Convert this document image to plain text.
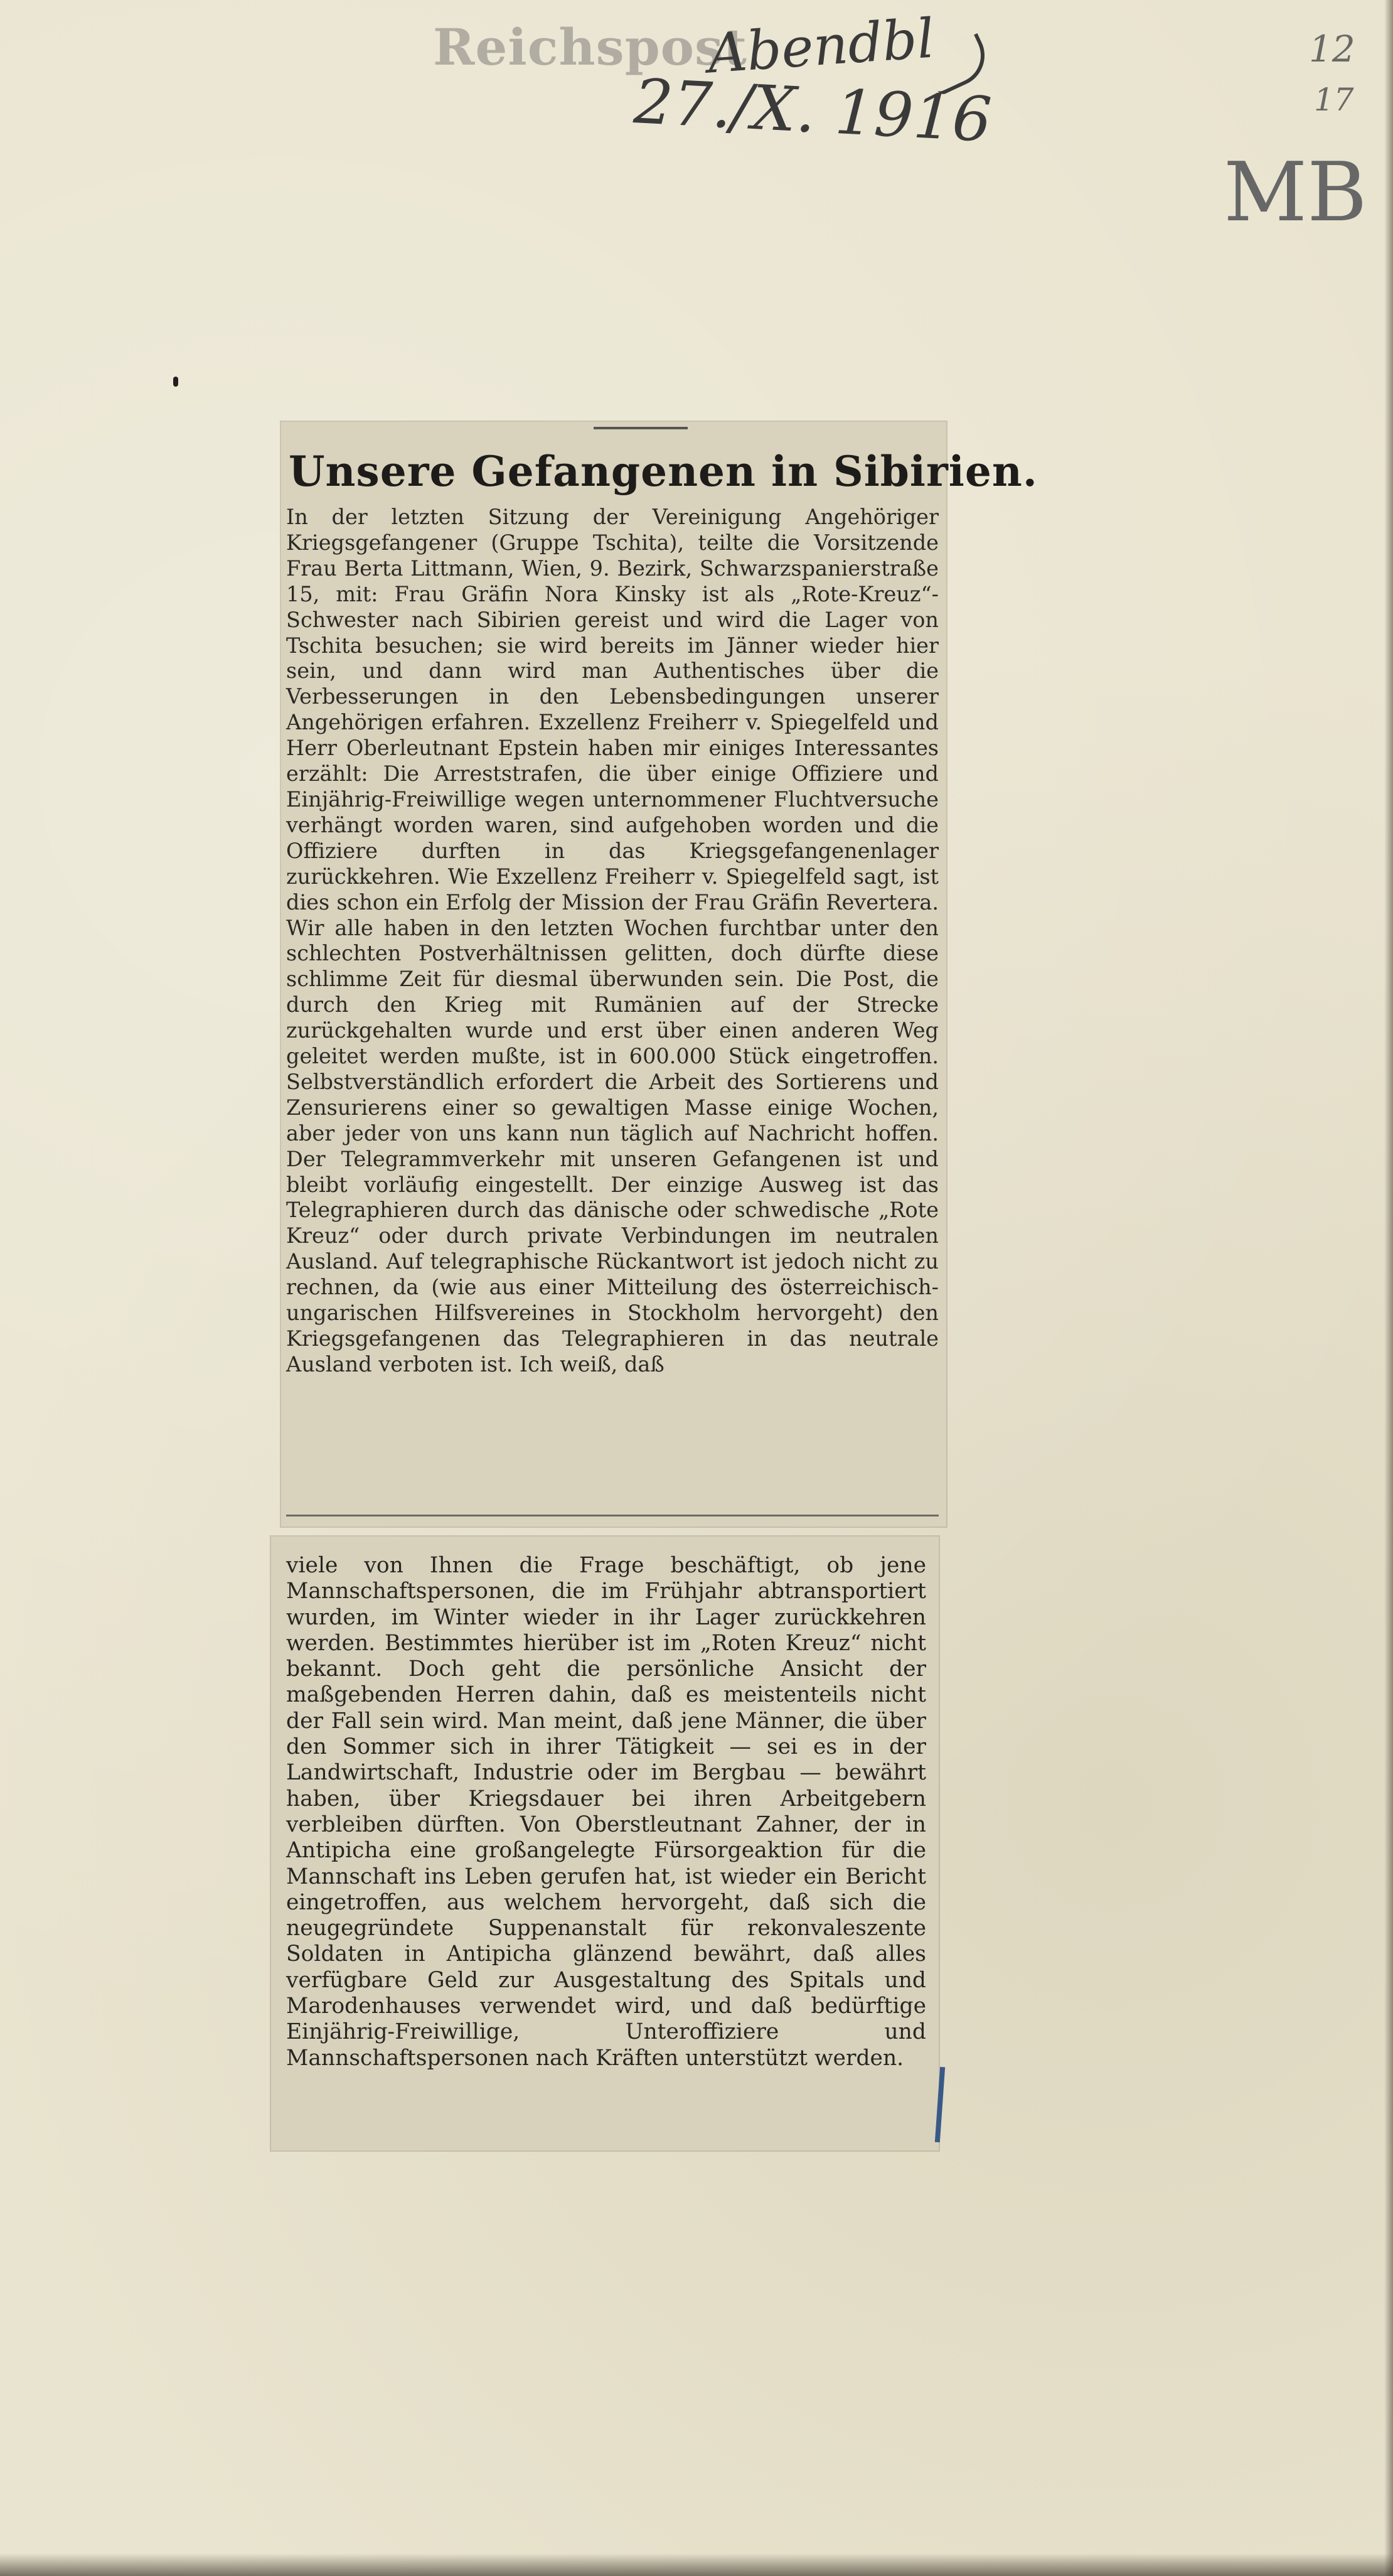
Reichspost
Abendbl
27./X. 1916
12
17
MB
Unsere Gefangenen in Sibirien.

In der letzten Sitzung der Vereinigung Angehöriger Kriegsgefangener (Gruppe Tschita), teilte die Vorsitzende Frau Berta Littmann, Wien, 9. Bezirk, Schwarzspanierstraße 15, mit: Frau Gräfin Nora Kinsky ist als „Rote-Kreuz“-Schwester nach Sibirien gereist und wird die Lager von Tschita besuchen; sie wird bereits im Jänner wieder hier sein, und dann wird man Authentisches über die Verbesserungen in den Lebensbedingungen unserer Angehörigen erfahren. Exzellenz Freiherr v. Spiegelfeld und Herr Oberleutnant Epstein haben mir einiges Interessantes erzählt: Die Arreststrafen, die über einige Offiziere und Einjährig-Freiwillige wegen unternommener Fluchtversuche verhängt worden waren, sind aufgehoben worden und die Offiziere durften in das Kriegsgefangenenlager zurückkehren. Wie Exzellenz Freiherr v. Spiegelfeld sagt, ist dies schon ein Erfolg der Mission der Frau Gräfin Revertera. Wir alle haben in den letzten Wochen furchtbar unter den schlechten Postverhältnissen gelitten, doch dürfte diese schlimme Zeit für diesmal überwunden sein. Die Post, die durch den Krieg mit Rumänien auf der Strecke zurückgehalten wurde und erst über einen anderen Weg geleitet werden mußte, ist in 600.000 Stück eingetroffen. Selbstverständlich erfordert die Arbeit des Sortierens und Zensurierens einer so gewaltigen Masse einige Wochen, aber jeder von uns kann nun täglich auf Nachricht hoffen. Der Telegrammverkehr mit unseren Gefangenen ist und bleibt vorläufig eingestellt. Der einzige Ausweg ist das Telegraphieren durch das dänische oder schwedische „Rote Kreuz“ oder durch private Verbindungen im neutralen Ausland. Auf telegraphische Rückantwort ist jedoch nicht zu rechnen, da (wie aus einer Mitteilung des österreichisch-ungarischen Hilfsvereines in Stockholm hervorgeht) den Kriegsgefangenen das Telegraphieren in das neutrale Ausland verboten ist. Ich weiß, daß

viele von Ihnen die Frage beschäftigt, ob jene Mannschaftspersonen, die im Frühjahr abtransportiert wurden, im Winter wieder in ihr Lager zurückkehren werden. Bestimmtes hierüber ist im „Roten Kreuz“ nicht bekannt. Doch geht die persönliche Ansicht der maßgebenden Herren dahin, daß es meistenteils nicht der Fall sein wird. Man meint, daß jene Männer, die über den Sommer sich in ihrer Tätigkeit — sei es in der Landwirtschaft, Industrie oder im Bergbau — bewährt haben, über Kriegsdauer bei ihren Arbeitgebern verbleiben dürften. Von Oberstleutnant Zahner, der in Antipicha eine großangelegte Fürsorgeaktion für die Mannschaft ins Leben gerufen hat, ist wieder ein Bericht eingetroffen, aus welchem hervorgeht, daß sich die neugegründete Suppenanstalt für rekonvaleszente Soldaten in Antipicha glänzend bewährt, daß alles verfügbare Geld zur Ausgestaltung des Spitals und Marodenhauses verwendet wird, und daß bedürftige Einjährig-Freiwillige, Unteroffiziere und Mannschaftspersonen nach Kräften unterstützt werden.
